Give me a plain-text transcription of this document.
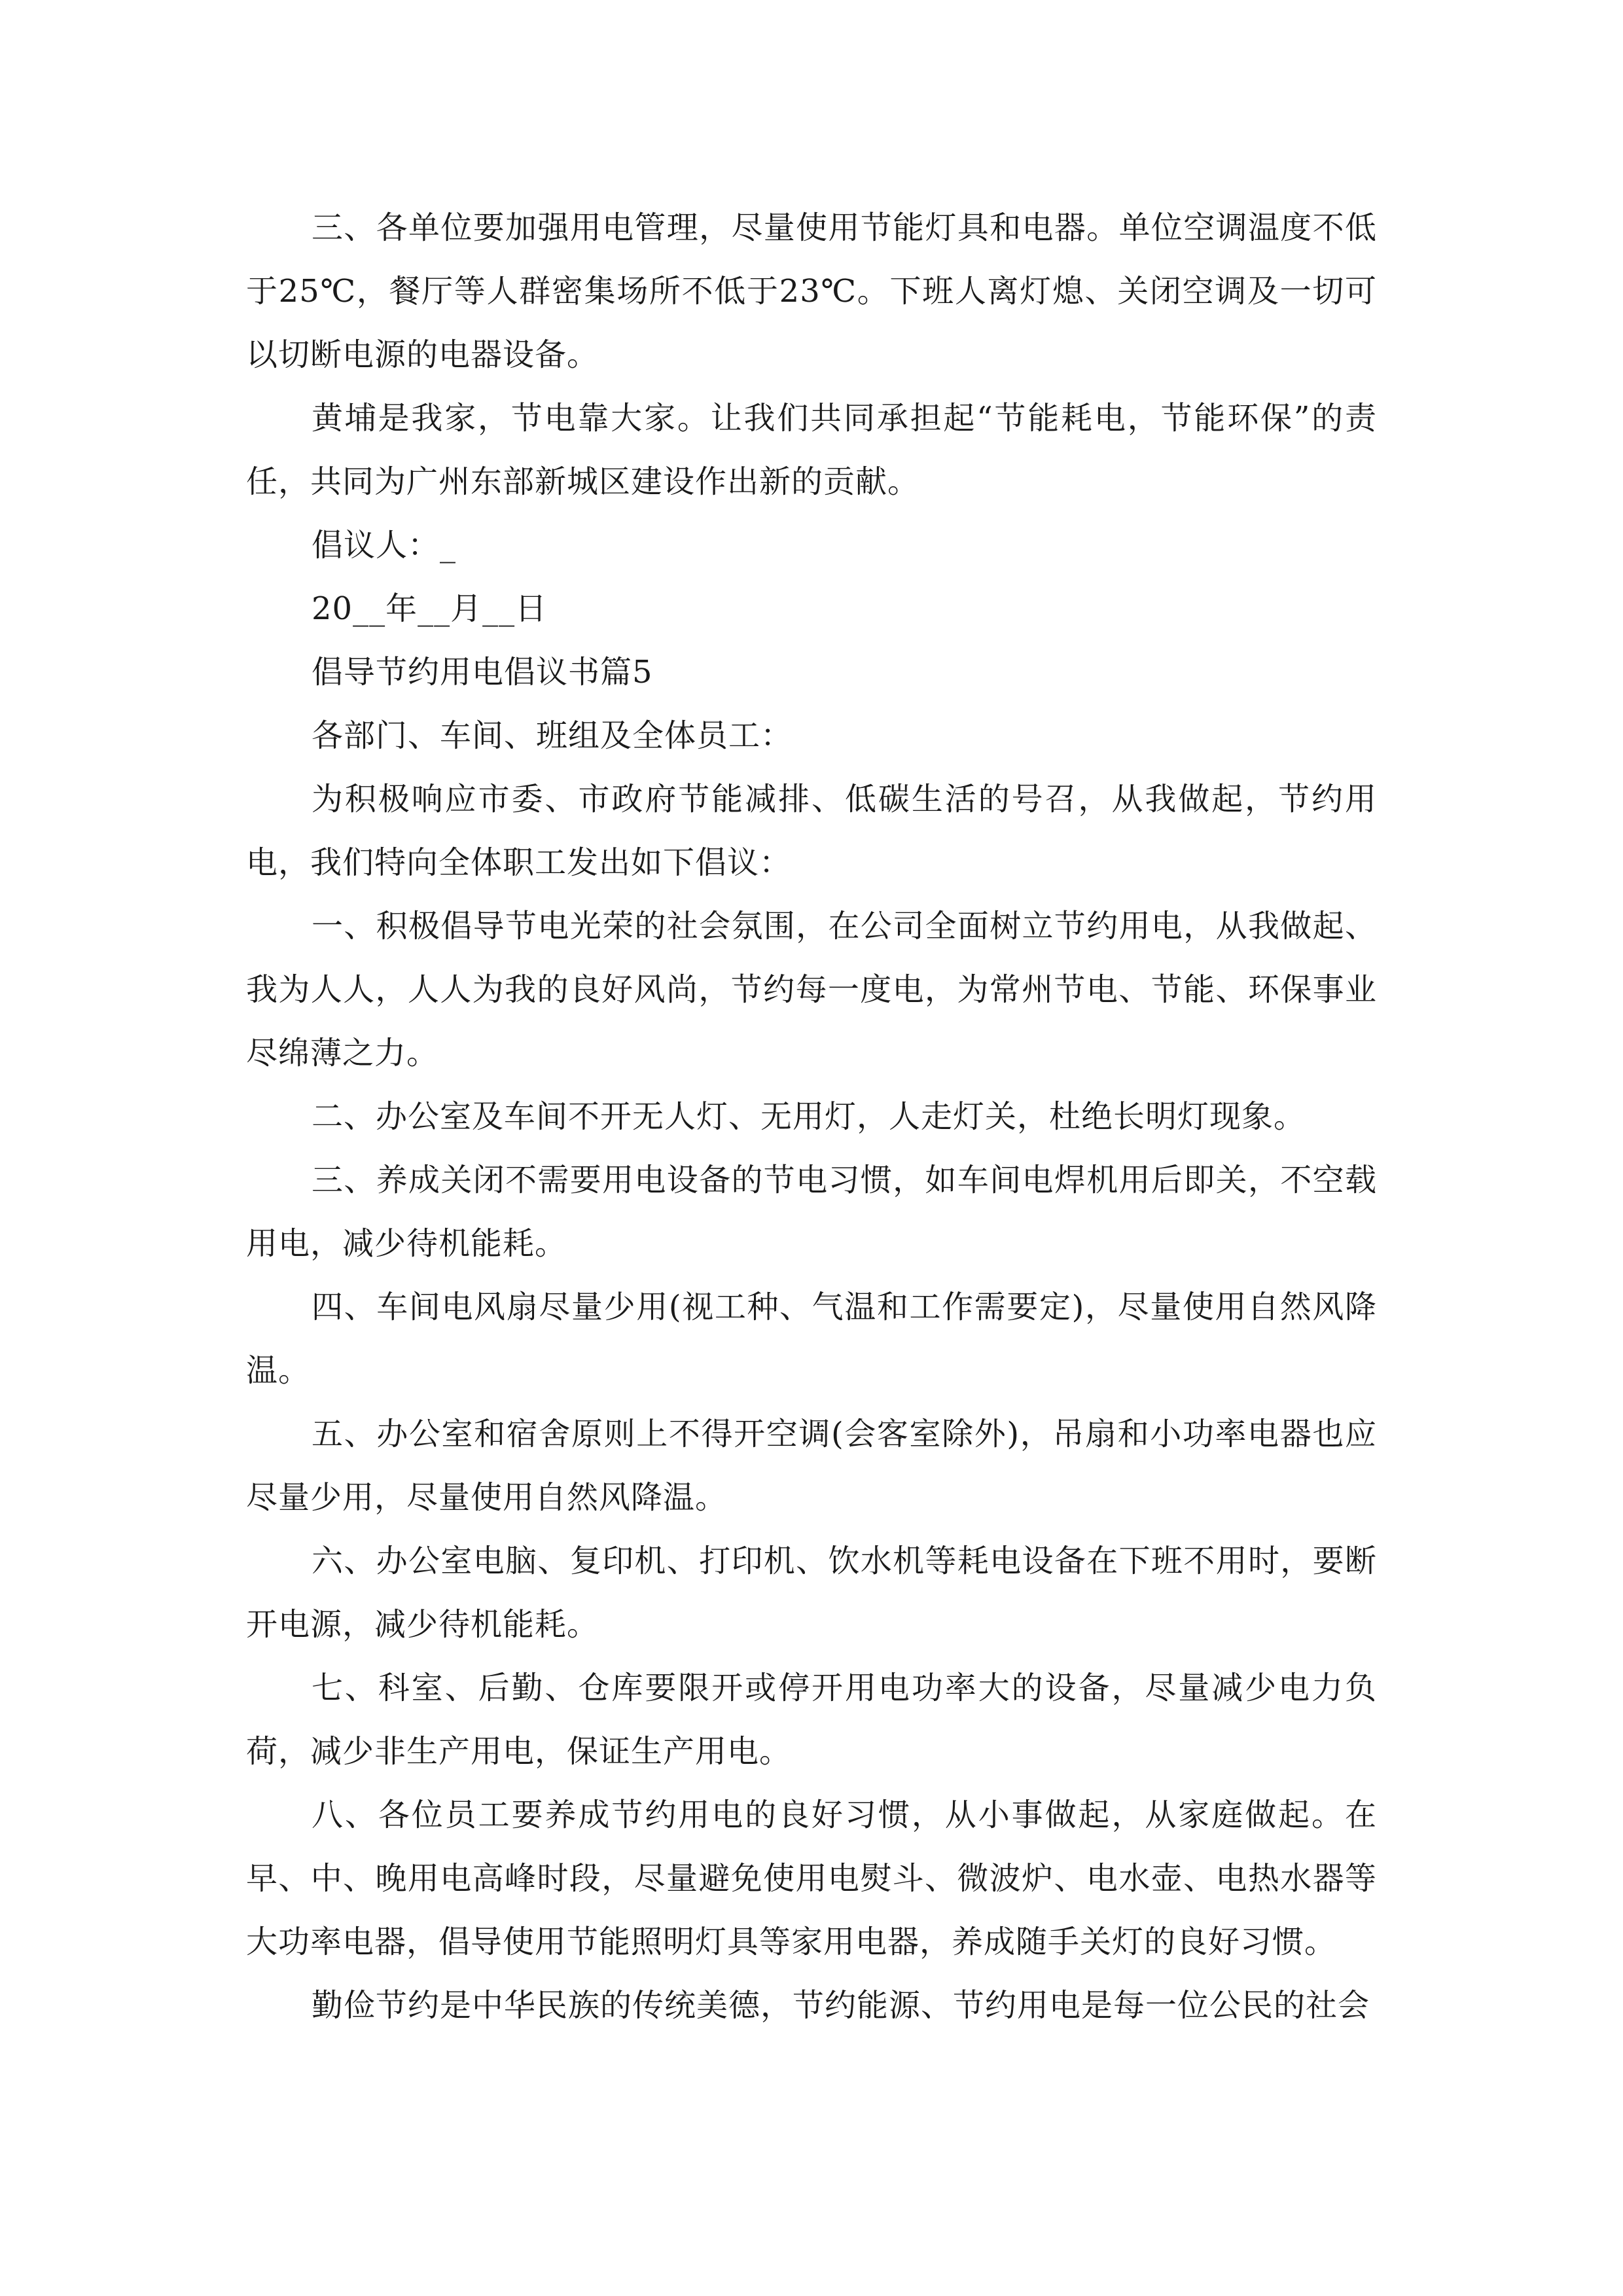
三、各单位要加强用电管理，尽量使用节能灯具和电器。单位空调温度不低于25℃，餐厅等人群密集场所不低于23℃。下班人离灯熄、关闭空调及一切可以切断电源的电器设备。

黄埔是我家，节电靠大家。让我们共同承担起“节能耗电，节能环保”的责任，共同为广州东部新城区建设作出新的贡献。

倡议人：_

20__年__月__日

倡导节约用电倡议书篇5

各部门、车间、班组及全体员工：

为积极响应市委、市政府节能减排、低碳生活的号召，从我做起，节约用电，我们特向全体职工发出如下倡议：

一、积极倡导节电光荣的社会氛围，在公司全面树立节约用电，从我做起、我为人人，人人为我的良好风尚，节约每一度电，为常州节电、节能、环保事业尽绵薄之力。

二、办公室及车间不开无人灯、无用灯，人走灯关，杜绝长明灯现象。

三、养成关闭不需要用电设备的节电习惯，如车间电焊机用后即关，不空载用电，减少待机能耗。

四、车间电风扇尽量少用(视工种、气温和工作需要定)，尽量使用自然风降温。

五、办公室和宿舍原则上不得开空调(会客室除外)，吊扇和小功率电器也应尽量少用，尽量使用自然风降温。

六、办公室电脑、复印机、打印机、饮水机等耗电设备在下班不用时，要断开电源，减少待机能耗。

七、科室、后勤、仓库要限开或停开用电功率大的设备，尽量减少电力负荷，减少非生产用电，保证生产用电。

八、各位员工要养成节约用电的良好习惯，从小事做起，从家庭做起。在早、中、晚用电高峰时段，尽量避免使用电熨斗、微波炉、电水壶、电热水器等大功率电器，倡导使用节能照明灯具等家用电器，养成随手关灯的良好习惯。

勤俭节约是中华民族的传统美德，节约能源、节约用电是每一位公民的社会
